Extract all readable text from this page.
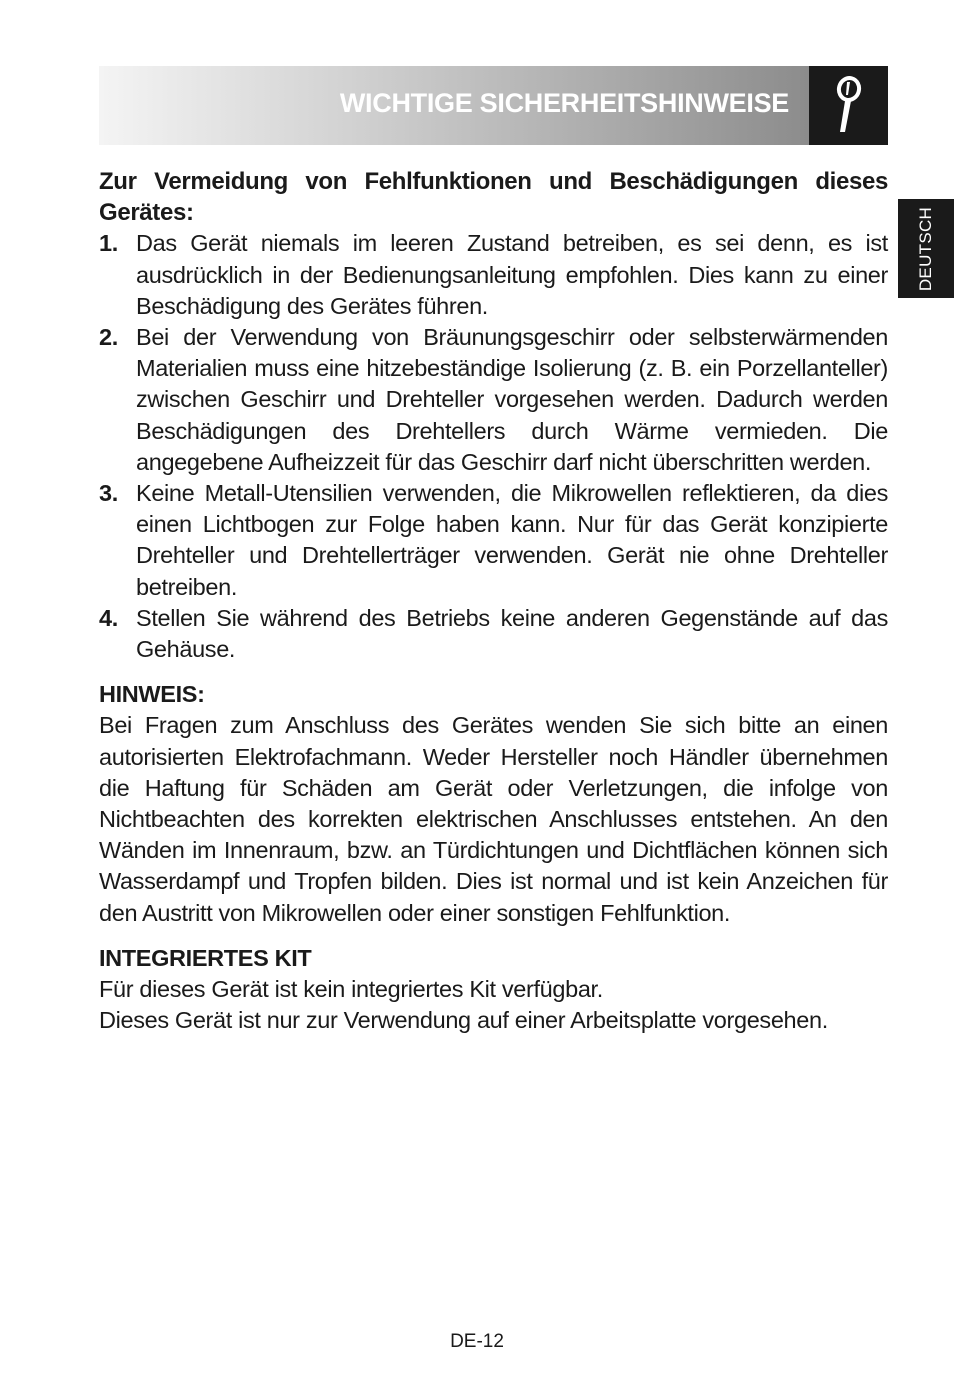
WICHTIGE SICHERHEITSHINWEISE
DEUTSCH

Zur Vermeidung von Fehlfunktionen und Beschädigungen dieses Gerätes:

1. Das Gerät niemals im leeren Zustand betreiben, es sei denn, es ist ausdrücklich in der Bedienungsanleitung empfohlen. Dies kann zu einer Beschädigung des Gerätes führen.
2. Bei der Verwendung von Bräunungsgeschirr oder selbsterwärmenden Materialien muss eine hitzebeständige Isolierung (z. B. ein Porzellanteller) zwischen Geschirr und Drehteller vorgesehen werden. Dadurch werden Beschädigungen des Drehtellers durch Wärme vermieden. Die angegebene Aufheizzeit für das Geschirr darf nicht überschritten werden.
3. Keine Metall-Utensilien verwenden, die Mikrowellen reflektieren, da dies einen Lichtbogen zur Folge haben kann. Nur für das Gerät konzipierte Drehteller und Drehtellerträger verwenden. Gerät nie ohne Drehteller betreiben.
4. Stellen Sie während des Betriebs keine anderen Gegenstände auf das Gehäuse.

HINWEIS:

Bei Fragen zum Anschluss des Gerätes wenden Sie sich bitte an einen autorisierten Elektrofachmann. Weder Hersteller noch Händler übernehmen die Haftung für Schäden am Gerät oder Verletzungen, die infolge von Nichtbeachten des korrekten elektrischen Anschlusses entstehen. An den Wänden im Innenraum, bzw. an Türdichtungen und Dichtflächen können sich Wasserdampf und Tropfen bilden. Dies ist normal und ist kein Anzeichen für den Austritt von Mikrowellen oder einer sonstigen Fehlfunktion.

INTEGRIERTES KIT

Für dieses Gerät ist kein integriertes Kit verfügbar.

Dieses Gerät ist nur zur Verwendung auf einer Arbeitsplatte vorgesehen.

DE-12
